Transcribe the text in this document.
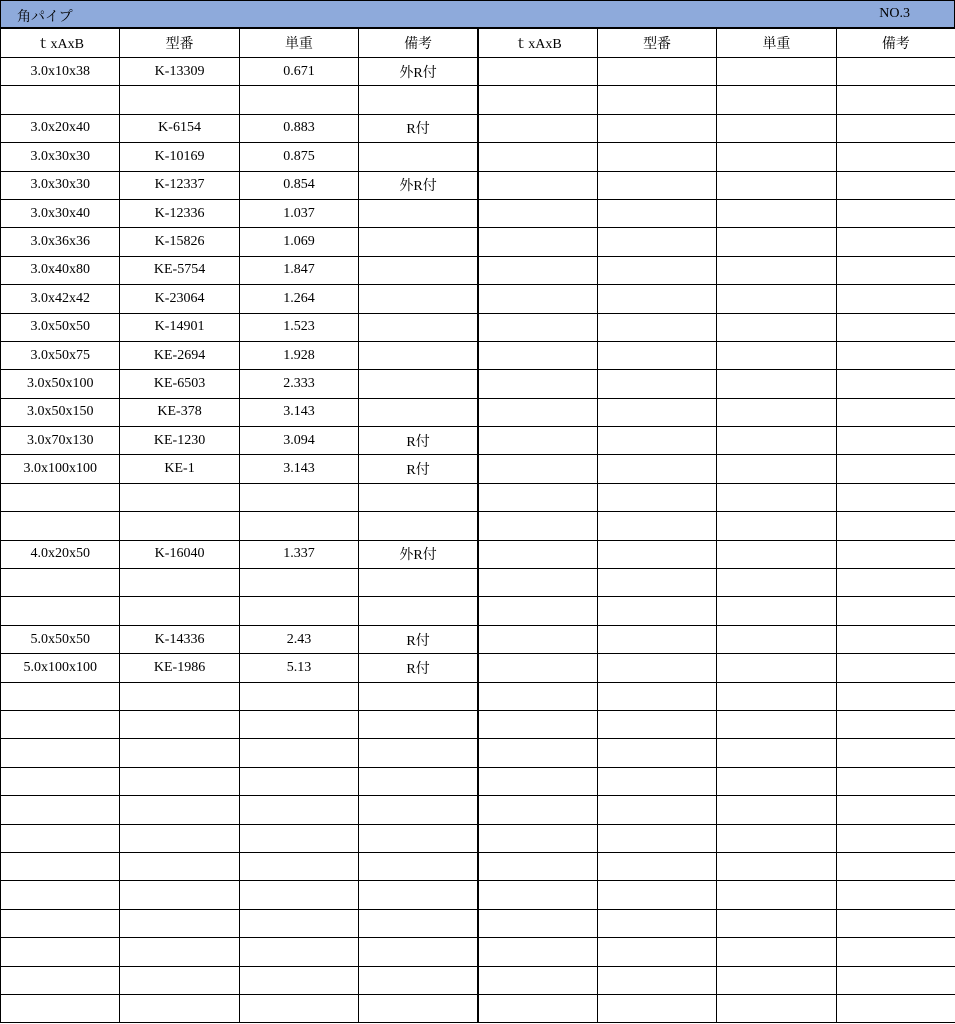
角パイプ	NO.3
ｔxAxB	型番	単重	備考	ｔxAxB	型番	単重	備考
3.0x10x38	K-13309	0.671	外R付				

3.0x20x40	K-6154	0.883	R付				
3.0x30x30	K-10169	0.875					
3.0x30x30	K-12337	0.854	外R付				
3.0x30x40	K-12336	1.037					
3.0x36x36	K-15826	1.069					
3.0x40x80	KE-5754	1.847					
3.0x42x42	K-23064	1.264					
3.0x50x50	K-14901	1.523					
3.0x50x75	KE-2694	1.928					
3.0x50x100	KE-6503	2.333					
3.0x50x150	KE-378	3.143					
3.0x70x130	KE-1230	3.094	R付				
3.0x100x100	KE-1	3.143	R付				

4.0x20x50	K-16040	1.337	外R付				

5.0x50x50	K-14336	2.43	R付				
5.0x100x100	KE-1986	5.13	R付				
